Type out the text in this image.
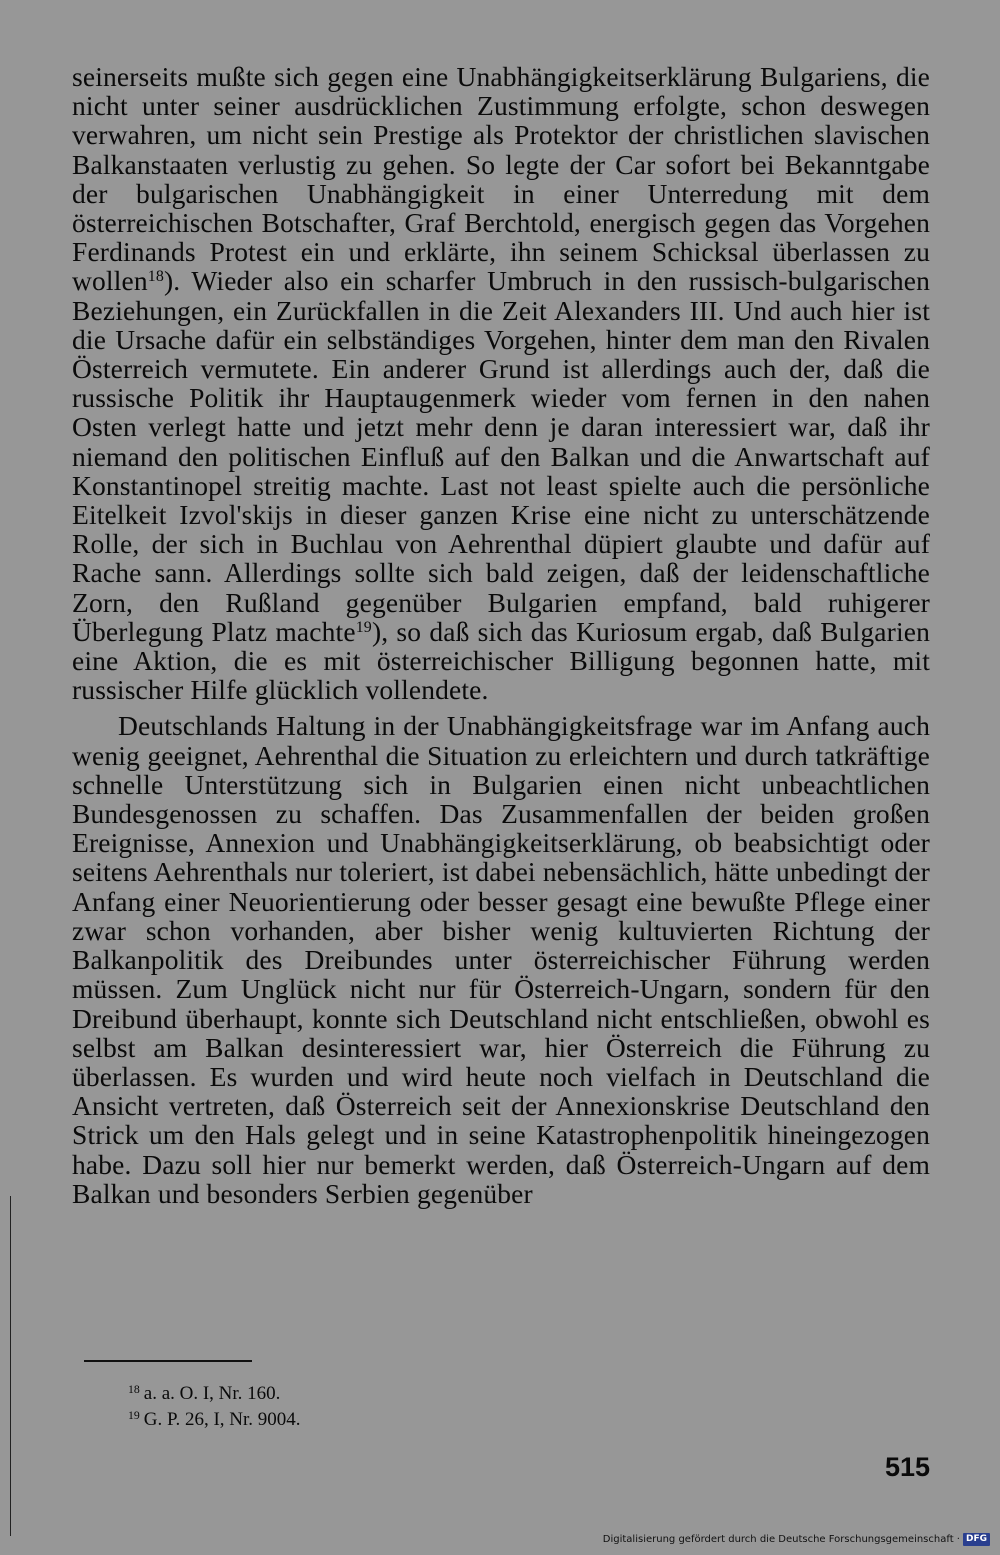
seinerseits mußte sich gegen eine Unabhängigkeitserklärung Bulgariens, die nicht unter seiner ausdrücklichen Zustimmung erfolgte, schon deswegen verwahren, um nicht sein Prestige als Protektor der christlichen slavischen Balkanstaaten verlustig zu gehen. So legte der Car sofort bei Bekanntgabe der bulgarischen Unabhängigkeit in einer Unterredung mit dem österreichischen Botschafter, Graf Berchtold, energisch gegen das Vorgehen Ferdinands Protest ein und erklärte, ihn seinem Schicksal überlassen zu wollen$^{18}$). Wieder also ein scharfer Umbruch in den russisch-bulgarischen Beziehungen, ein Zurückfallen in die Zeit Alexanders III. Und auch hier ist die Ursache dafür ein selbständiges Vorgehen, hinter dem man den Rivalen Österreich vermutete. Ein anderer Grund ist allerdings auch der, daß die russische Politik ihr Hauptaugenmerk wieder vom fernen in den nahen Osten verlegt hatte und jetzt mehr denn je daran interessiert war, daß ihr niemand den politischen Einfluß auf den Balkan und die Anwartschaft auf Konstantinopel streitig machte. Last not least spielte auch die persönliche Eitelkeit Izvol'skijs in dieser ganzen Krise eine nicht zu unterschätzende Rolle, der sich in Buchlau von Aehrenthal düpiert glaubte und dafür auf Rache sann. Allerdings sollte sich bald zeigen, daß der leidenschaftliche Zorn, den Rußland gegenüber Bulgarien empfand, bald ruhigerer Überlegung Platz machte$^{19}$), so daß sich das Kuriosum ergab, daß Bulgarien eine Aktion, die es mit österreichischer Billigung begonnen hatte, mit russischer Hilfe glücklich vollendete.

Deutschlands Haltung in der Unabhängigkeitsfrage war im Anfang auch wenig geeignet, Aehrenthal die Situation zu erleichtern und durch tatkräftige schnelle Unterstützung sich in Bulgarien einen nicht unbeachtlichen Bundesgenossen zu schaffen. Das Zusammenfallen der beiden großen Ereignisse, Annexion und Unabhängigkeitserklärung, ob beabsichtigt oder seitens Aehrenthals nur toleriert, ist dabei nebensächlich, hätte unbedingt der Anfang einer Neuorientierung oder besser gesagt eine bewußte Pflege einer zwar schon vorhanden, aber bisher wenig kultuvierten Richtung der Balkanpolitik des Dreibundes unter österreichischer Führung werden müssen. Zum Unglück nicht nur für Österreich-Ungarn, sondern für den Dreibund überhaupt, konnte sich Deutschland nicht entschließen, obwohl es selbst am Balkan desinteressiert war, hier Österreich die Führung zu überlassen. Es wurden und wird heute noch vielfach in Deutschland die Ansicht vertreten, daß Österreich seit der Annexionskrise Deutschland den Strick um den Hals gelegt und in seine Katastrophenpolitik hineingezogen habe. Dazu soll hier nur bemerkt werden, daß Österreich-Ungarn auf dem Balkan und besonders Serbien gegenüber

$^{18}$ a. a. O. I, Nr. 160.
$^{19}$ G. P. 26, I, Nr. 9004.
515
Digitalisierung gefördert durch die Deutsche Forschungsgemeinschaft · DFG
